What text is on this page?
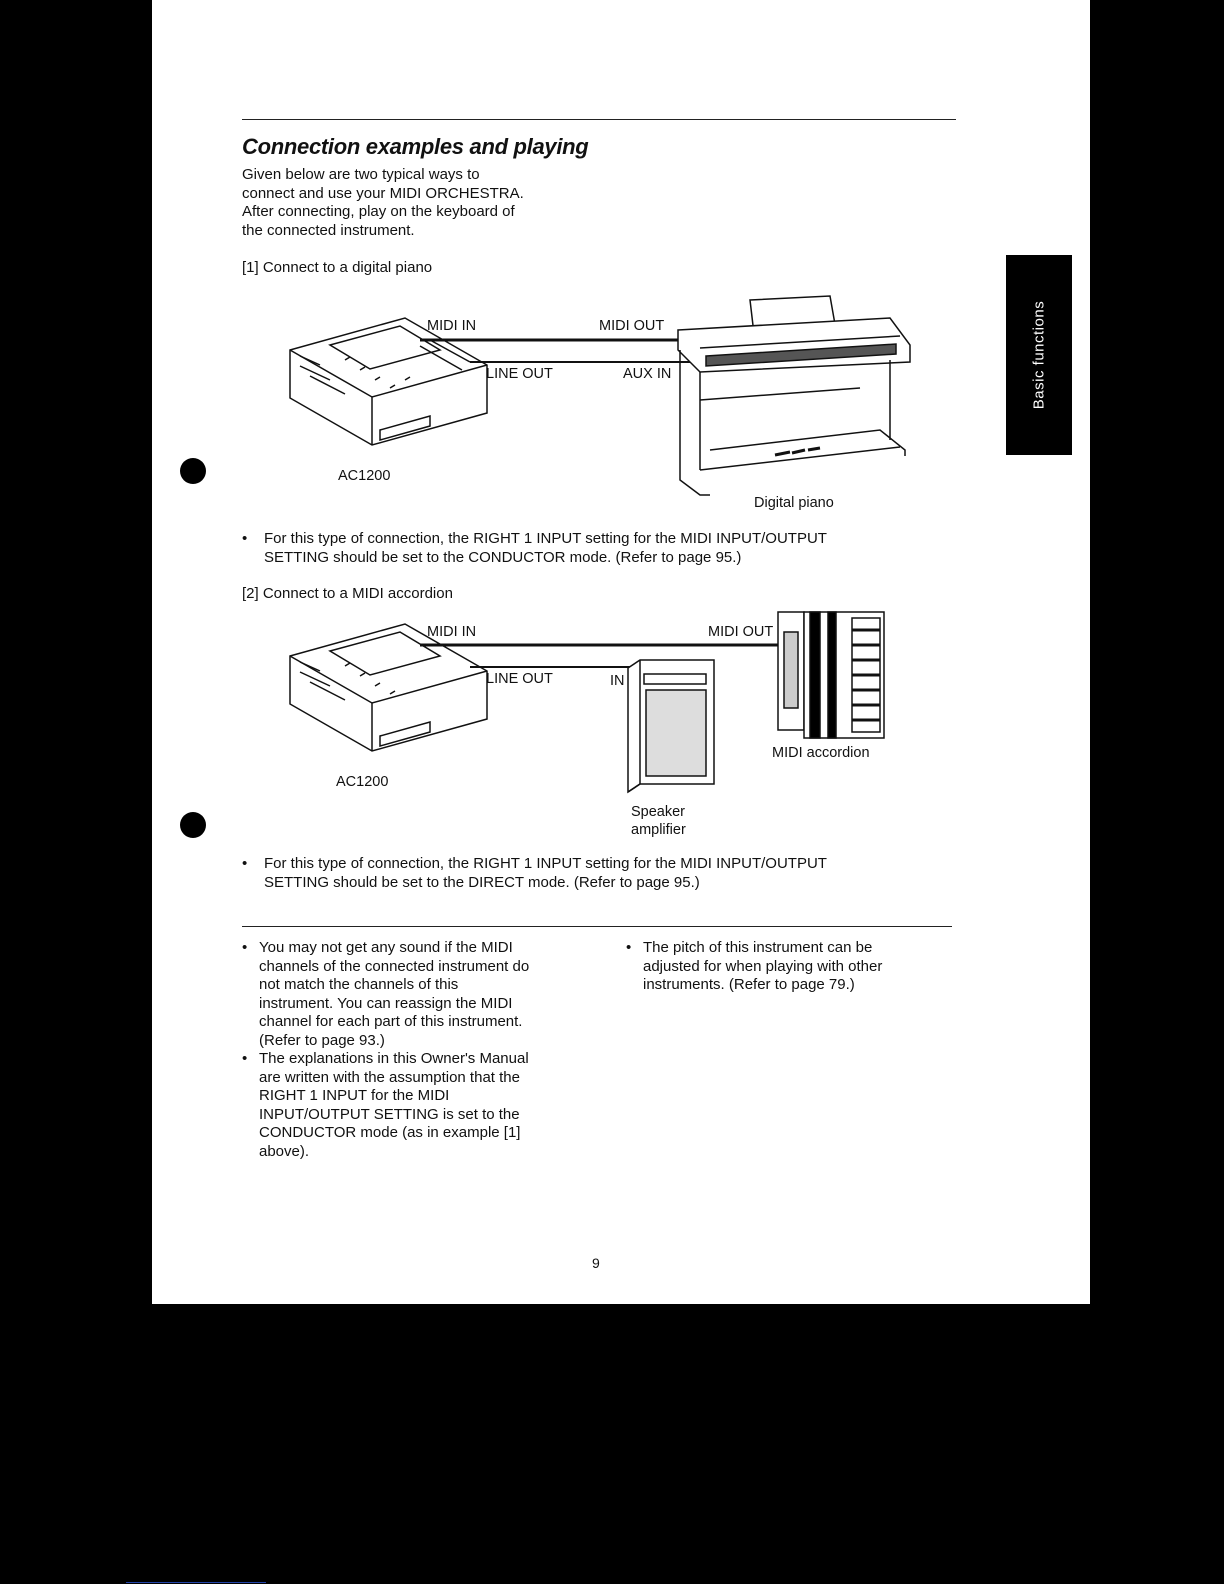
Connection examples and playing
Given below are two typical ways to
connect and use your MIDI ORCHESTRA.
After connecting, play on the keyboard of
the connected instrument.
Basic functions
[1] Connect to a digital piano
MIDI IN	MIDI OUT
LINE OUT	AUX IN
AC1200
Digital piano
• For this type of connection, the RIGHT 1 INPUT setting for the MIDI INPUT/OUTPUT
SETTING should be set to the CONDUCTOR mode. (Refer to page 95.)
[2] Connect to a MIDI accordion
MIDI IN	MIDI OUT
LINE OUT	IN
AC1200
MIDI accordion
Speaker
amplifier
• For this type of connection, the RIGHT 1 INPUT setting for the MIDI INPUT/OUTPUT
SETTING should be set to the DIRECT mode. (Refer to page 95.)
• You may not get any sound if the MIDI
channels of the connected instrument do
not match the channels of this
instrument. You can reassign the MIDI
channel for each part of this instrument.
(Refer to page 93.)
• The explanations in this Owner's Manual
are written with the assumption that the
RIGHT 1 INPUT for the MIDI
INPUT/OUTPUT SETTING is set to the
CONDUCTOR mode (as in example [1]
above).
• The pitch of this instrument can be
adjusted for when playing with other
instruments. (Refer to page 79.)
9
